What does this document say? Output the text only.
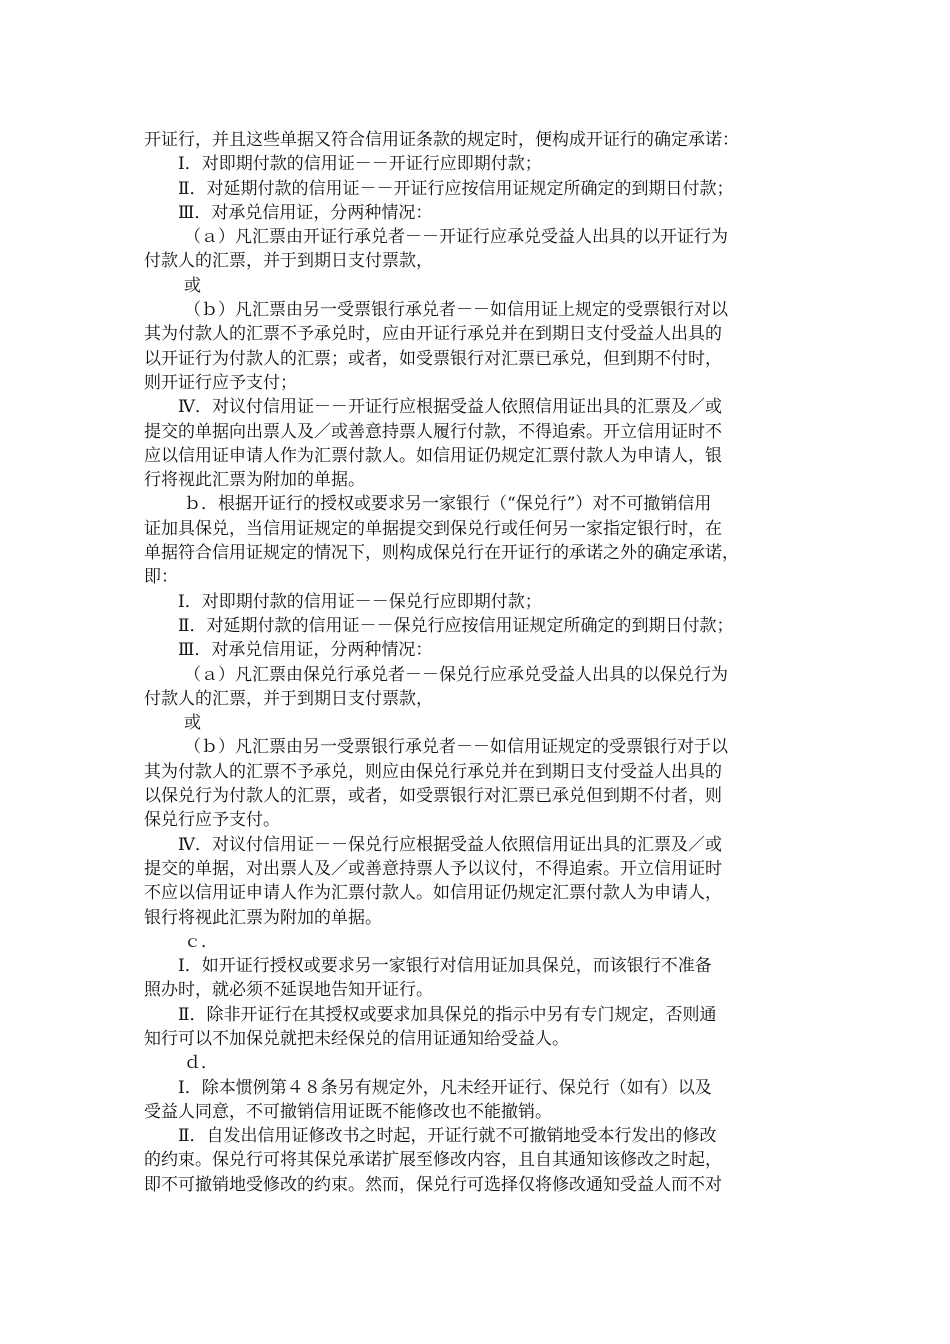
开证行，并且这些单据又符合信用证条款的规定时，便构成开证行的确定承诺：
Ⅰ．对即期付款的信用证－－开证行应即期付款；
Ⅱ．对延期付款的信用证－－开证行应按信用证规定所确定的到期日付款；
Ⅲ．对承兑信用证，分两种情况：
（ａ）凡汇票由开证行承兑者－－开证行应承兑受益人出具的以开证行为
付款人的汇票，并于到期日支付票款，
或
（ｂ）凡汇票由另一受票银行承兑者－－如信用证上规定的受票银行对以
其为付款人的汇票不予承兑时，应由开证行承兑并在到期日支付受益人出具的
以开证行为付款人的汇票；或者，如受票银行对汇票已承兑，但到期不付时，
则开证行应予支付；
Ⅳ．对议付信用证－－开证行应根据受益人依照信用证出具的汇票及／或
提交的单据向出票人及／或善意持票人履行付款，不得追索。开立信用证时不
应以信用证申请人作为汇票付款人。如信用证仍规定汇票付款人为申请人，银
行将视此汇票为附加的单据。
ｂ．根据开证行的授权或要求另一家银行（“保兑行”）对不可撤销信用
证加具保兑，当信用证规定的单据提交到保兑行或任何另一家指定银行时，在
单据符合信用证规定的情况下，则构成保兑行在开证行的承诺之外的确定承诺，
即：
Ⅰ．对即期付款的信用证－－保兑行应即期付款；
Ⅱ．对延期付款的信用证－－保兑行应按信用证规定所确定的到期日付款；
Ⅲ．对承兑信用证，分两种情况：
（ａ）凡汇票由保兑行承兑者－－保兑行应承兑受益人出具的以保兑行为
付款人的汇票，并于到期日支付票款，
或
（ｂ）凡汇票由另一受票银行承兑者－－如信用证规定的受票银行对于以
其为付款人的汇票不予承兑，则应由保兑行承兑并在到期日支付受益人出具的
以保兑行为付款人的汇票，或者，如受票银行对汇票已承兑但到期不付者，则
保兑行应予支付。
Ⅳ．对议付信用证－－保兑行应根据受益人依照信用证出具的汇票及／或
提交的单据，对出票人及／或善意持票人予以议付，不得追索。开立信用证时
不应以信用证申请人作为汇票付款人。如信用证仍规定汇票付款人为申请人，
银行将视此汇票为附加的单据。
ｃ．
Ⅰ．如开证行授权或要求另一家银行对信用证加具保兑，而该银行不准备
照办时，就必须不延误地告知开证行。
Ⅱ．除非开证行在其授权或要求加具保兑的指示中另有专门规定，否则通
知行可以不加保兑就把未经保兑的信用证通知给受益人。
ｄ．
Ⅰ．除本惯例第４８条另有规定外，凡未经开证行、保兑行（如有）以及
受益人同意，不可撤销信用证既不能修改也不能撤销。
Ⅱ．自发出信用证修改书之时起，开证行就不可撤销地受本行发出的修改
的约束。保兑行可将其保兑承诺扩展至修改内容，且自其通知该修改之时起，
即不可撤销地受修改的约束。然而，保兑行可选择仅将修改通知受益人而不对
